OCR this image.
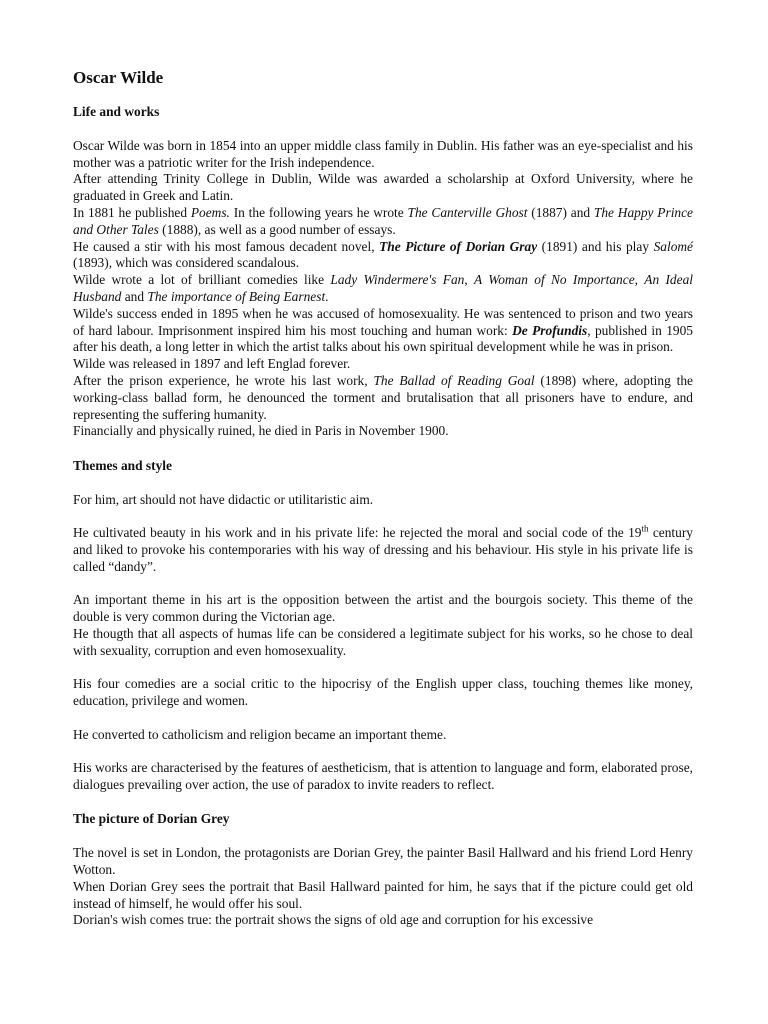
Oscar Wilde
Life and works

Oscar Wilde was born in 1854 into an upper middle class family in Dublin. His father was an eye-specialist and his mother was a patriotic writer for the Irish independence.

After attending Trinity College in Dublin, Wilde was awarded a scholarship at Oxford University, where he graduated in Greek and Latin.

In 1881 he published Poems. In the following years he wrote The Canterville Ghost (1887) and The Happy Prince and Other Tales (1888), as well as a good number of essays.

He caused a stir with his most famous decadent novel, The Picture of Dorian Gray (1891) and his play Salomé (1893), which was considered scandalous.

Wilde wrote a lot of brilliant comedies like Lady Windermere's Fan, A Woman of No Importance, An Ideal Husband and The importance of Being Earnest.

Wilde's success ended in 1895 when he was accused of homosexuality. He was sentenced to prison and two years of hard labour. Imprisonment inspired him his most touching and human work: De Profundis, published in 1905 after his death, a long letter in which the artist talks about his own spiritual development while he was in prison.

Wilde was released in 1897 and left Englad forever.

After the prison experience, he wrote his last work, The Ballad of Reading Goal (1898) where, adopting the working-class ballad form, he denounced the torment and brutalisation that all prisoners have to endure, and representing the suffering humanity.

Financially and physically ruined, he died in Paris in November 1900.

Themes and style

For him, art should not have didactic or utilitaristic aim.

He cultivated beauty in his work and in his private life: he rejected the moral and social code of the 19th century and liked to provoke his contemporaries with his way of dressing and his behaviour. His style in his private life is called “dandy”.

An important theme in his art is the opposition between the artist and the bourgois society. This theme of the double is very common during the Victorian age.

He thougth that all aspects of humas life can be considered a legitimate subject for his works, so he chose to deal with sexuality, corruption and even homosexuality.

His four comedies are a social critic to the hipocrisy of the English upper class, touching themes like money, education, privilege and women.

He converted to catholicism and religion became an important theme.

His works are characterised by the features of aestheticism, that is attention to language and form, elaborated prose, dialogues prevailing over action, the use of paradox to invite readers to reflect.

The picture of Dorian Grey

The novel is set in London, the protagonists are Dorian Grey, the painter Basil Hallward and his friend Lord Henry Wotton.

When Dorian Grey sees the portrait that Basil Hallward painted for him, he says that if the picture could get old instead of himself, he would offer his soul.

Dorian's wish comes true: the portrait shows the signs of old age and corruption for his excessive
